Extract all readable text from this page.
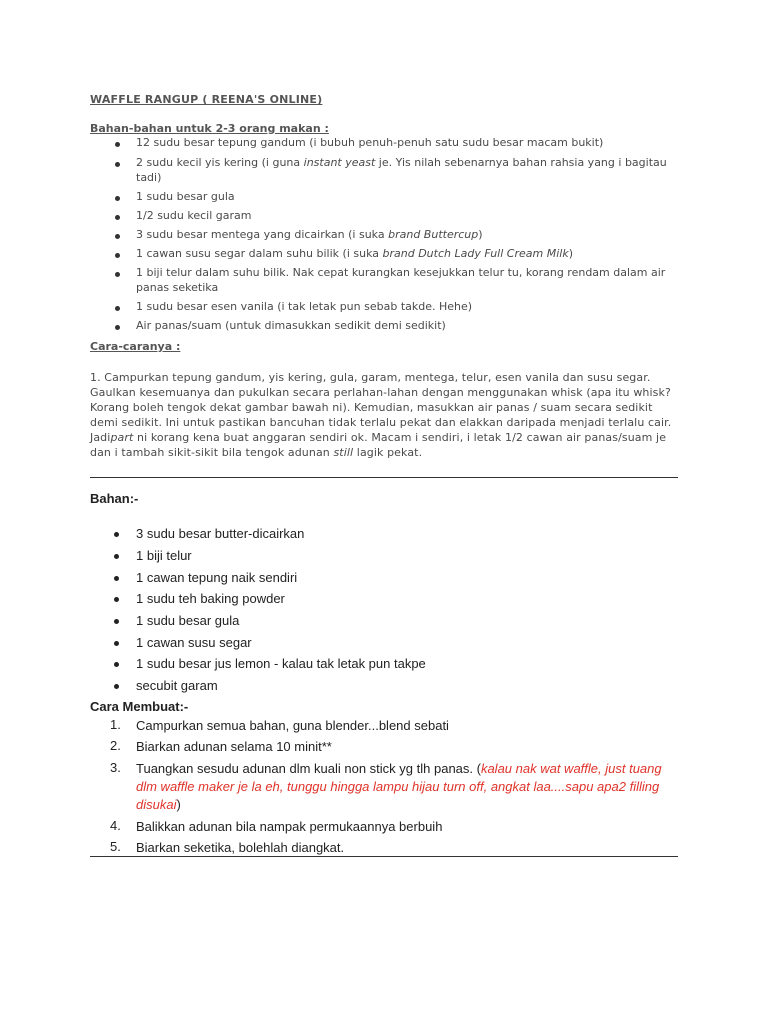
WAFFLE RANGUP ( REENA'S ONLINE)
Bahan-bahan untuk 2-3 orang makan :
12 sudu besar tepung gandum (i bubuh penuh-penuh satu sudu besar macam bukit)
2 sudu kecil yis kering (i guna instant yeast je. Yis nilah sebenarnya bahan rahsia yang i bagitau tadi)
1 sudu besar gula
1/2 sudu kecil garam
3 sudu besar mentega yang dicairkan (i suka brand Buttercup)
1 cawan susu segar dalam suhu bilik (i suka brand Dutch Lady Full Cream Milk)
1 biji telur dalam suhu bilik. Nak cepat kurangkan kesejukkan telur tu, korang rendam dalam air panas seketika
1 sudu besar esen vanila (i tak letak pun sebab takde. Hehe)
Air panas/suam (untuk dimasukkan sedikit demi sedikit)
Cara-caranya :
1. Campurkan tepung gandum, yis kering, gula, garam, mentega, telur, esen vanila dan susu segar. Gaulkan kesemuanya dan pukulkan secara perlahan-lahan dengan menggunakan whisk (apa itu whisk? Korang boleh tengok dekat gambar bawah ni). Kemudian, masukkan air panas / suam secara sedikit demi sedikit. Ini untuk pastikan bancuhan tidak terlalu pekat dan elakkan daripada menjadi terlalu cair. Jadipart ni korang kena buat anggaran sendiri ok. Macam i sendiri, i letak 1/2 cawan air panas/suam je dan i tambah sikit-sikit bila tengok adunan still lagik pekat.
Bahan:-
3 sudu besar butter-dicairkan
1 biji telur
1 cawan tepung naik sendiri
1 sudu teh baking powder
1 sudu besar gula
1 cawan susu segar
1 sudu besar jus lemon - kalau tak letak pun takpe
secubit garam
Cara Membuat:-
1.	Campurkan semua bahan, guna blender...blend sebati
2.	Biarkan adunan selama 10 minit**
3.	Tuangkan sesudu adunan dlm kuali non stick yg tlh panas. (kalau nak wat waffle, just tuang dlm waffle maker je la eh, tunggu hingga lampu hijau turn off, angkat laa....sapu apa2 filling disukai)
4.	Balikkan adunan bila nampak permukaannya berbuih
5.	Biarkan seketika, bolehlah diangkat.
